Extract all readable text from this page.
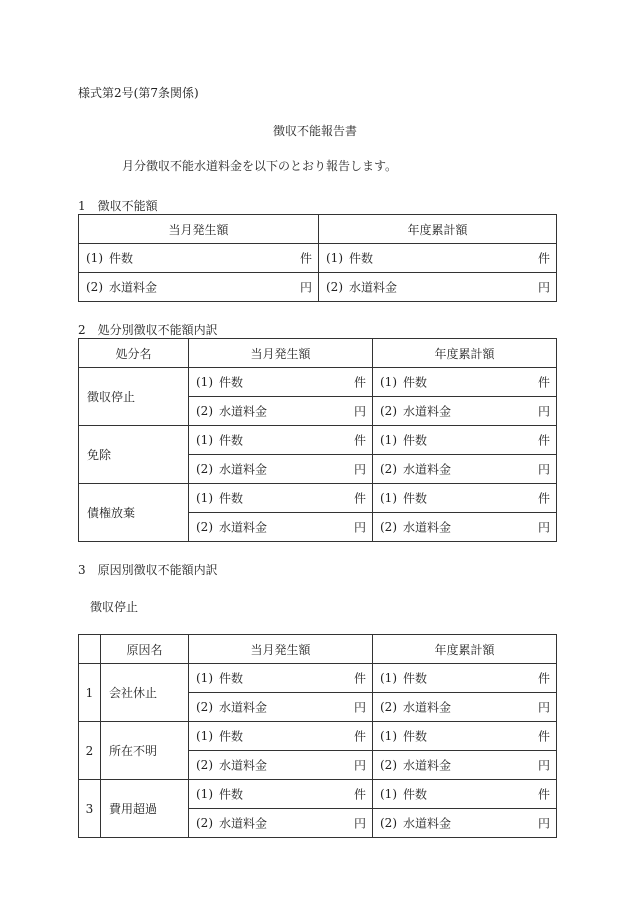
様式第2号(第7条関係)
徴収不能報告書
月分徴収不能水道料金を以下のとおり報告します。
1　徴収不能額
当月発生額	年度累計額

(1) 件数 件	(1) 件数 件

(2) 水道料金 円	(2) 水道料金 円
2　処分別徴収不能額内訳
処分名	当月発生額	年度累計額
徴収停止	(1) 件数 件	(1) 件数 件

	(2) 水道料金 円	(2) 水道料金 円

免除	(1) 件数 件	(1) 件数 件

	(2) 水道料金 円	(2) 水道料金 円

債権放棄	(1) 件数 件	(1) 件数 件

	(2) 水道料金 円	(2) 水道料金 円
3　原因別徴収不能額内訳
徴収停止
	原因名	当月発生額	年度累計額
1	会社休止	(1) 件数 件	(1) 件数 件

		(2) 水道料金 円	(2) 水道料金 円

2	所在不明	(1) 件数 件	(1) 件数 件

		(2) 水道料金 円	(2) 水道料金 円

3	費用超過	(1) 件数 件	(1) 件数 件

		(2) 水道料金 円	(2) 水道料金 円
